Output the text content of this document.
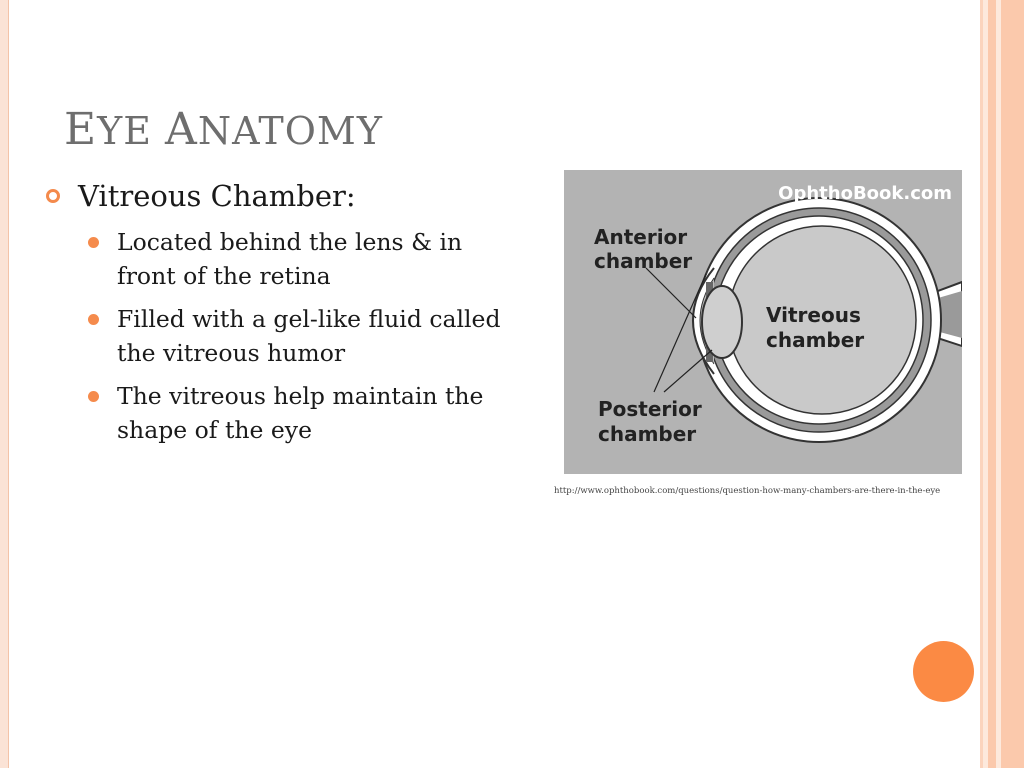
EYE ANATOMY
Vitreous Chamber:
Located behind the lens & in front of the retina
Filled with a gel-like fluid called the vitreous humor
The vitreous help maintain the shape of the eye
OphthoBook.com
Anterior
chamber
Vitreous
chamber
Posterior
chamber
http://www.ophthobook.com/questions/question-how-many-chambers-are-there-in-the-eye
